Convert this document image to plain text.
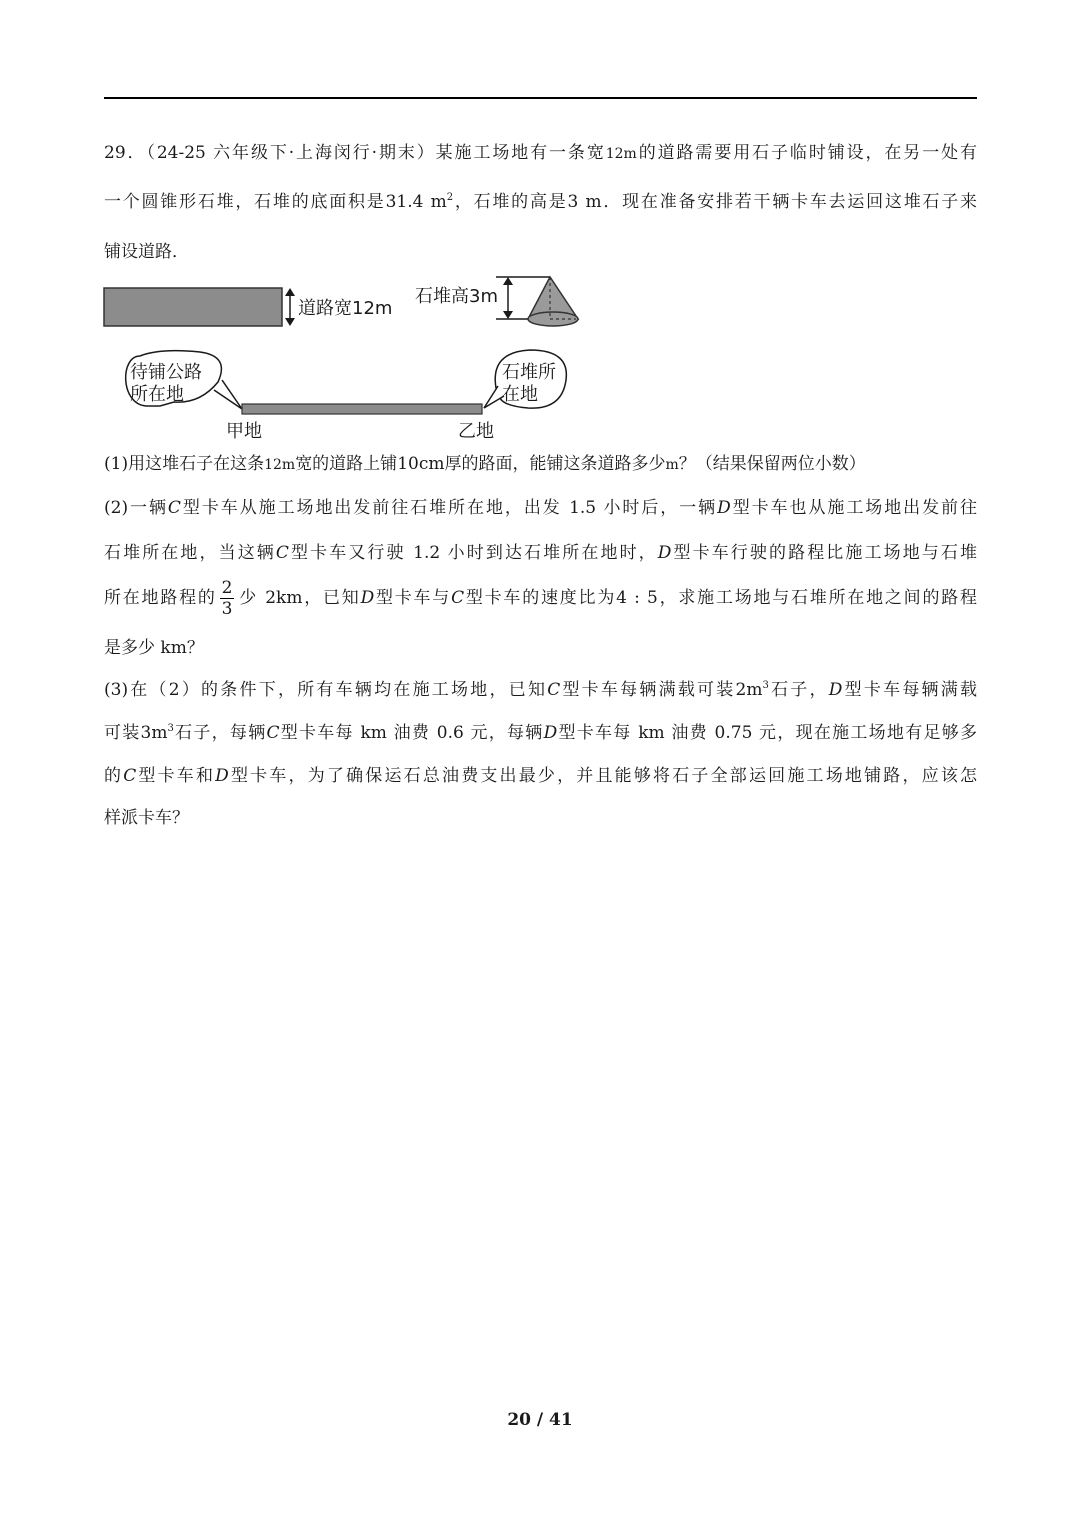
29．（24-25 六年级下·上海闵行·期末）某施工场地有一条宽12m的道路需要用石子临时铺设，在另一处有
一个圆锥形石堆，石堆的底面积是31.4 $m^2$，石堆的高是3 m．现在准备安排若干辆卡车去运回这堆石子来
铺设道路．
道路宽12m
石堆高3m
待铺公路
所在地
石堆所
在地
甲地	乙地
(1)用这堆石子在这条12m宽的道路上铺10cm厚的路面，能铺这条道路多少m？（结果保留两位小数）
(2)一辆C型卡车从施工场地出发前往石堆所在地，出发 1.5 小时后，一辆D型卡车也从施工场地出发前往
石堆所在地，当这辆C型卡车又行驶 1.2 小时到达石堆所在地时，D型卡车行驶的路程比施工场地与石堆
所在地路程的 $\frac{2}{3}$ 少 2km，已知D型卡车与C型卡车的速度比为4 : 5，求施工场地与石堆所在地之间的路程
是多少 km？
(3)在（2）的条件下，所有车辆均在施工场地，已知C型卡车每辆满载可装$2m^3$石子，D型卡车每辆满载
可装$3m^3$石子，每辆C型卡车每 km 油费 0.6 元，每辆D型卡车每 km 油费 0.75 元，现在施工场地有足够多
的C型卡车和D型卡车，为了确保运石总油费支出最少，并且能够将石子全部运回施工场地铺路，应该怎
样派卡车？
20 / 41
